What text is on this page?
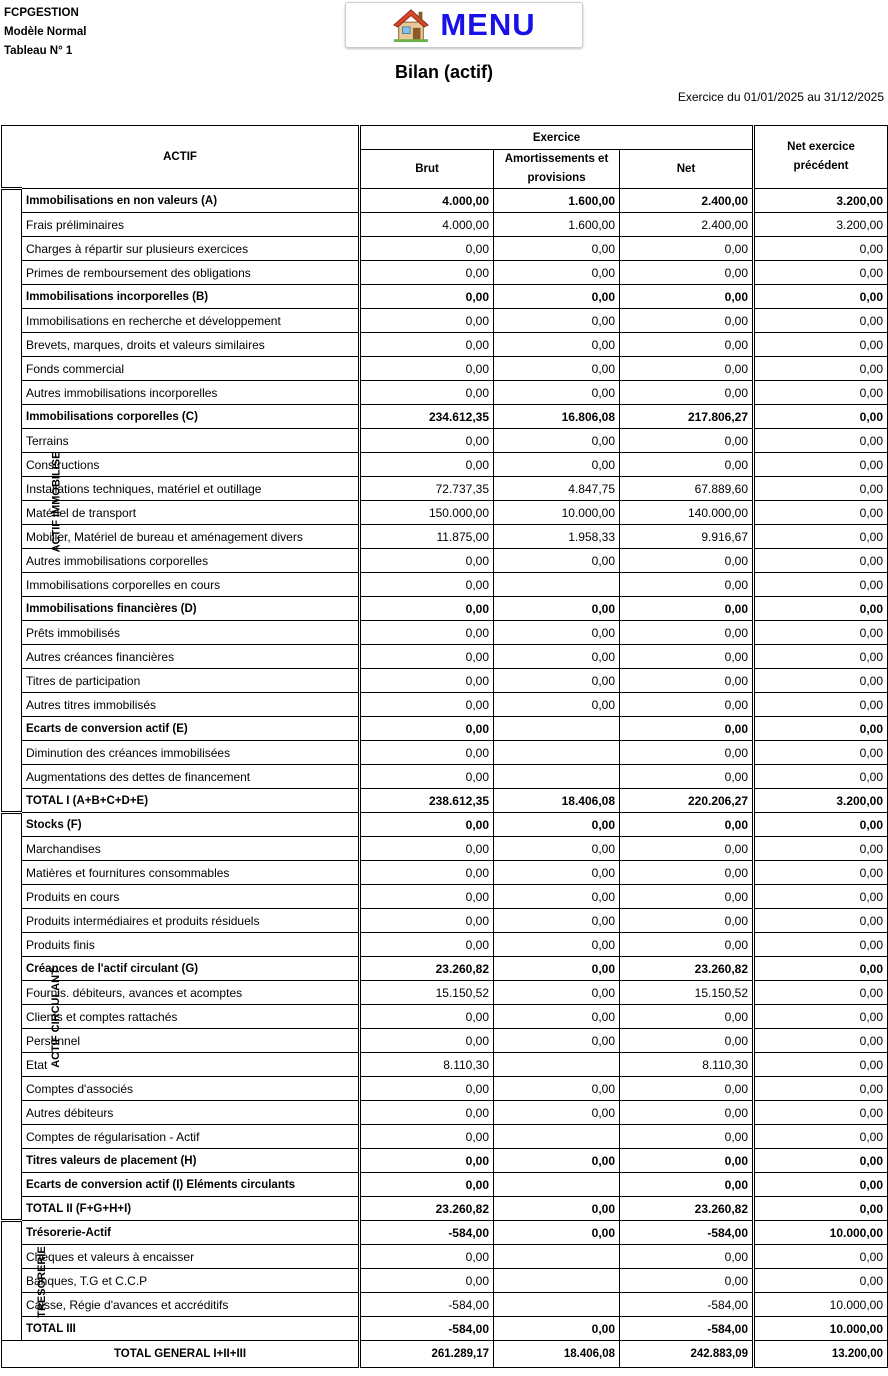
FCPGESTION
Modèle Normal
Tableau N° 1
MENU
Bilan (actif)
Exercice du 01/01/2025 au 31/12/2025
ACTIF		Exercice			Net exercice précédent
		Brut	Amortissements et provisions	Net	
ACTIF IMMOBILISE	Immobilisations en non valeurs (A)	4.000,00	1.600,00	2.400,00	3.200,00
	Frais préliminaires	4.000,00	1.600,00	2.400,00	3.200,00
	Charges à répartir sur plusieurs exercices	0,00	0,00	0,00	0,00
	Primes de remboursement des obligations	0,00	0,00	0,00	0,00
	Immobilisations incorporelles (B)	0,00	0,00	0,00	0,00
	Immobilisations en recherche et développement	0,00	0,00	0,00	0,00
	Brevets, marques, droits et valeurs similaires	0,00	0,00	0,00	0,00
	Fonds commercial	0,00	0,00	0,00	0,00
	Autres immobilisations incorporelles	0,00	0,00	0,00	0,00
	Immobilisations corporelles (C)	234.612,35	16.806,08	217.806,27	0,00
	Terrains	0,00	0,00	0,00	0,00
	Constructions	0,00	0,00	0,00	0,00
	Installations techniques, matériel et outillage	72.737,35	4.847,75	67.889,60	0,00
	Matériel de transport	150.000,00	10.000,00	140.000,00	0,00
	Mobilier, Matériel de bureau et aménagement divers	11.875,00	1.958,33	9.916,67	0,00
	Autres immobilisations corporelles	0,00	0,00	0,00	0,00
	Immobilisations corporelles en cours	0,00		0,00	0,00
	Immobilisations financières (D)	0,00	0,00	0,00	0,00
	Prêts immobilisés	0,00	0,00	0,00	0,00
	Autres créances financières	0,00	0,00	0,00	0,00
	Titres de participation	0,00	0,00	0,00	0,00
	Autres titres immobilisés	0,00	0,00	0,00	0,00
	Ecarts de conversion actif (E)	0,00		0,00	0,00
	Diminution des créances immobilisées	0,00		0,00	0,00
	Augmentations des dettes de financement	0,00		0,00	0,00
	TOTAL I (A+B+C+D+E)	238.612,35	18.406,08	220.206,27	3.200,00
ACTIF CIRCULANT	Stocks (F)	0,00	0,00	0,00	0,00
	Marchandises	0,00	0,00	0,00	0,00
	Matières et fournitures consommables	0,00	0,00	0,00	0,00
	Produits en cours	0,00	0,00	0,00	0,00
	Produits intermédiaires et produits résiduels	0,00	0,00	0,00	0,00
	Produits finis	0,00	0,00	0,00	0,00
	Créances de l'actif circulant (G)	23.260,82	0,00	23.260,82	0,00
	Fournis. débiteurs, avances et acomptes	15.150,52	0,00	15.150,52	0,00
	Clients et comptes rattachés	0,00	0,00	0,00	0,00
	Personnel	0,00	0,00	0,00	0,00
	Etat	8.110,30		8.110,30	0,00
	Comptes d'associés	0,00	0,00	0,00	0,00
	Autres débiteurs	0,00	0,00	0,00	0,00
	Comptes de régularisation - Actif	0,00		0,00	0,00
	Titres valeurs de placement (H)	0,00	0,00	0,00	0,00
	Ecarts de conversion actif (I) Eléments circulants	0,00		0,00	0,00
	TOTAL II (F+G+H+I)	23.260,82	0,00	23.260,82	0,00
TRESORERIE	Trésorerie-Actif	-584,00	0,00	-584,00	10.000,00
	Chèques et valeurs à encaisser	0,00		0,00	0,00
	Banques, T.G et C.C.P	0,00		0,00	0,00
	Caisse, Régie d'avances et accréditifs	-584,00		-584,00	10.000,00
	TOTAL III	-584,00	0,00	-584,00	10.000,00
TOTAL GENERAL I+II+III		261.289,17	18.406,08	242.883,09	13.200,00
